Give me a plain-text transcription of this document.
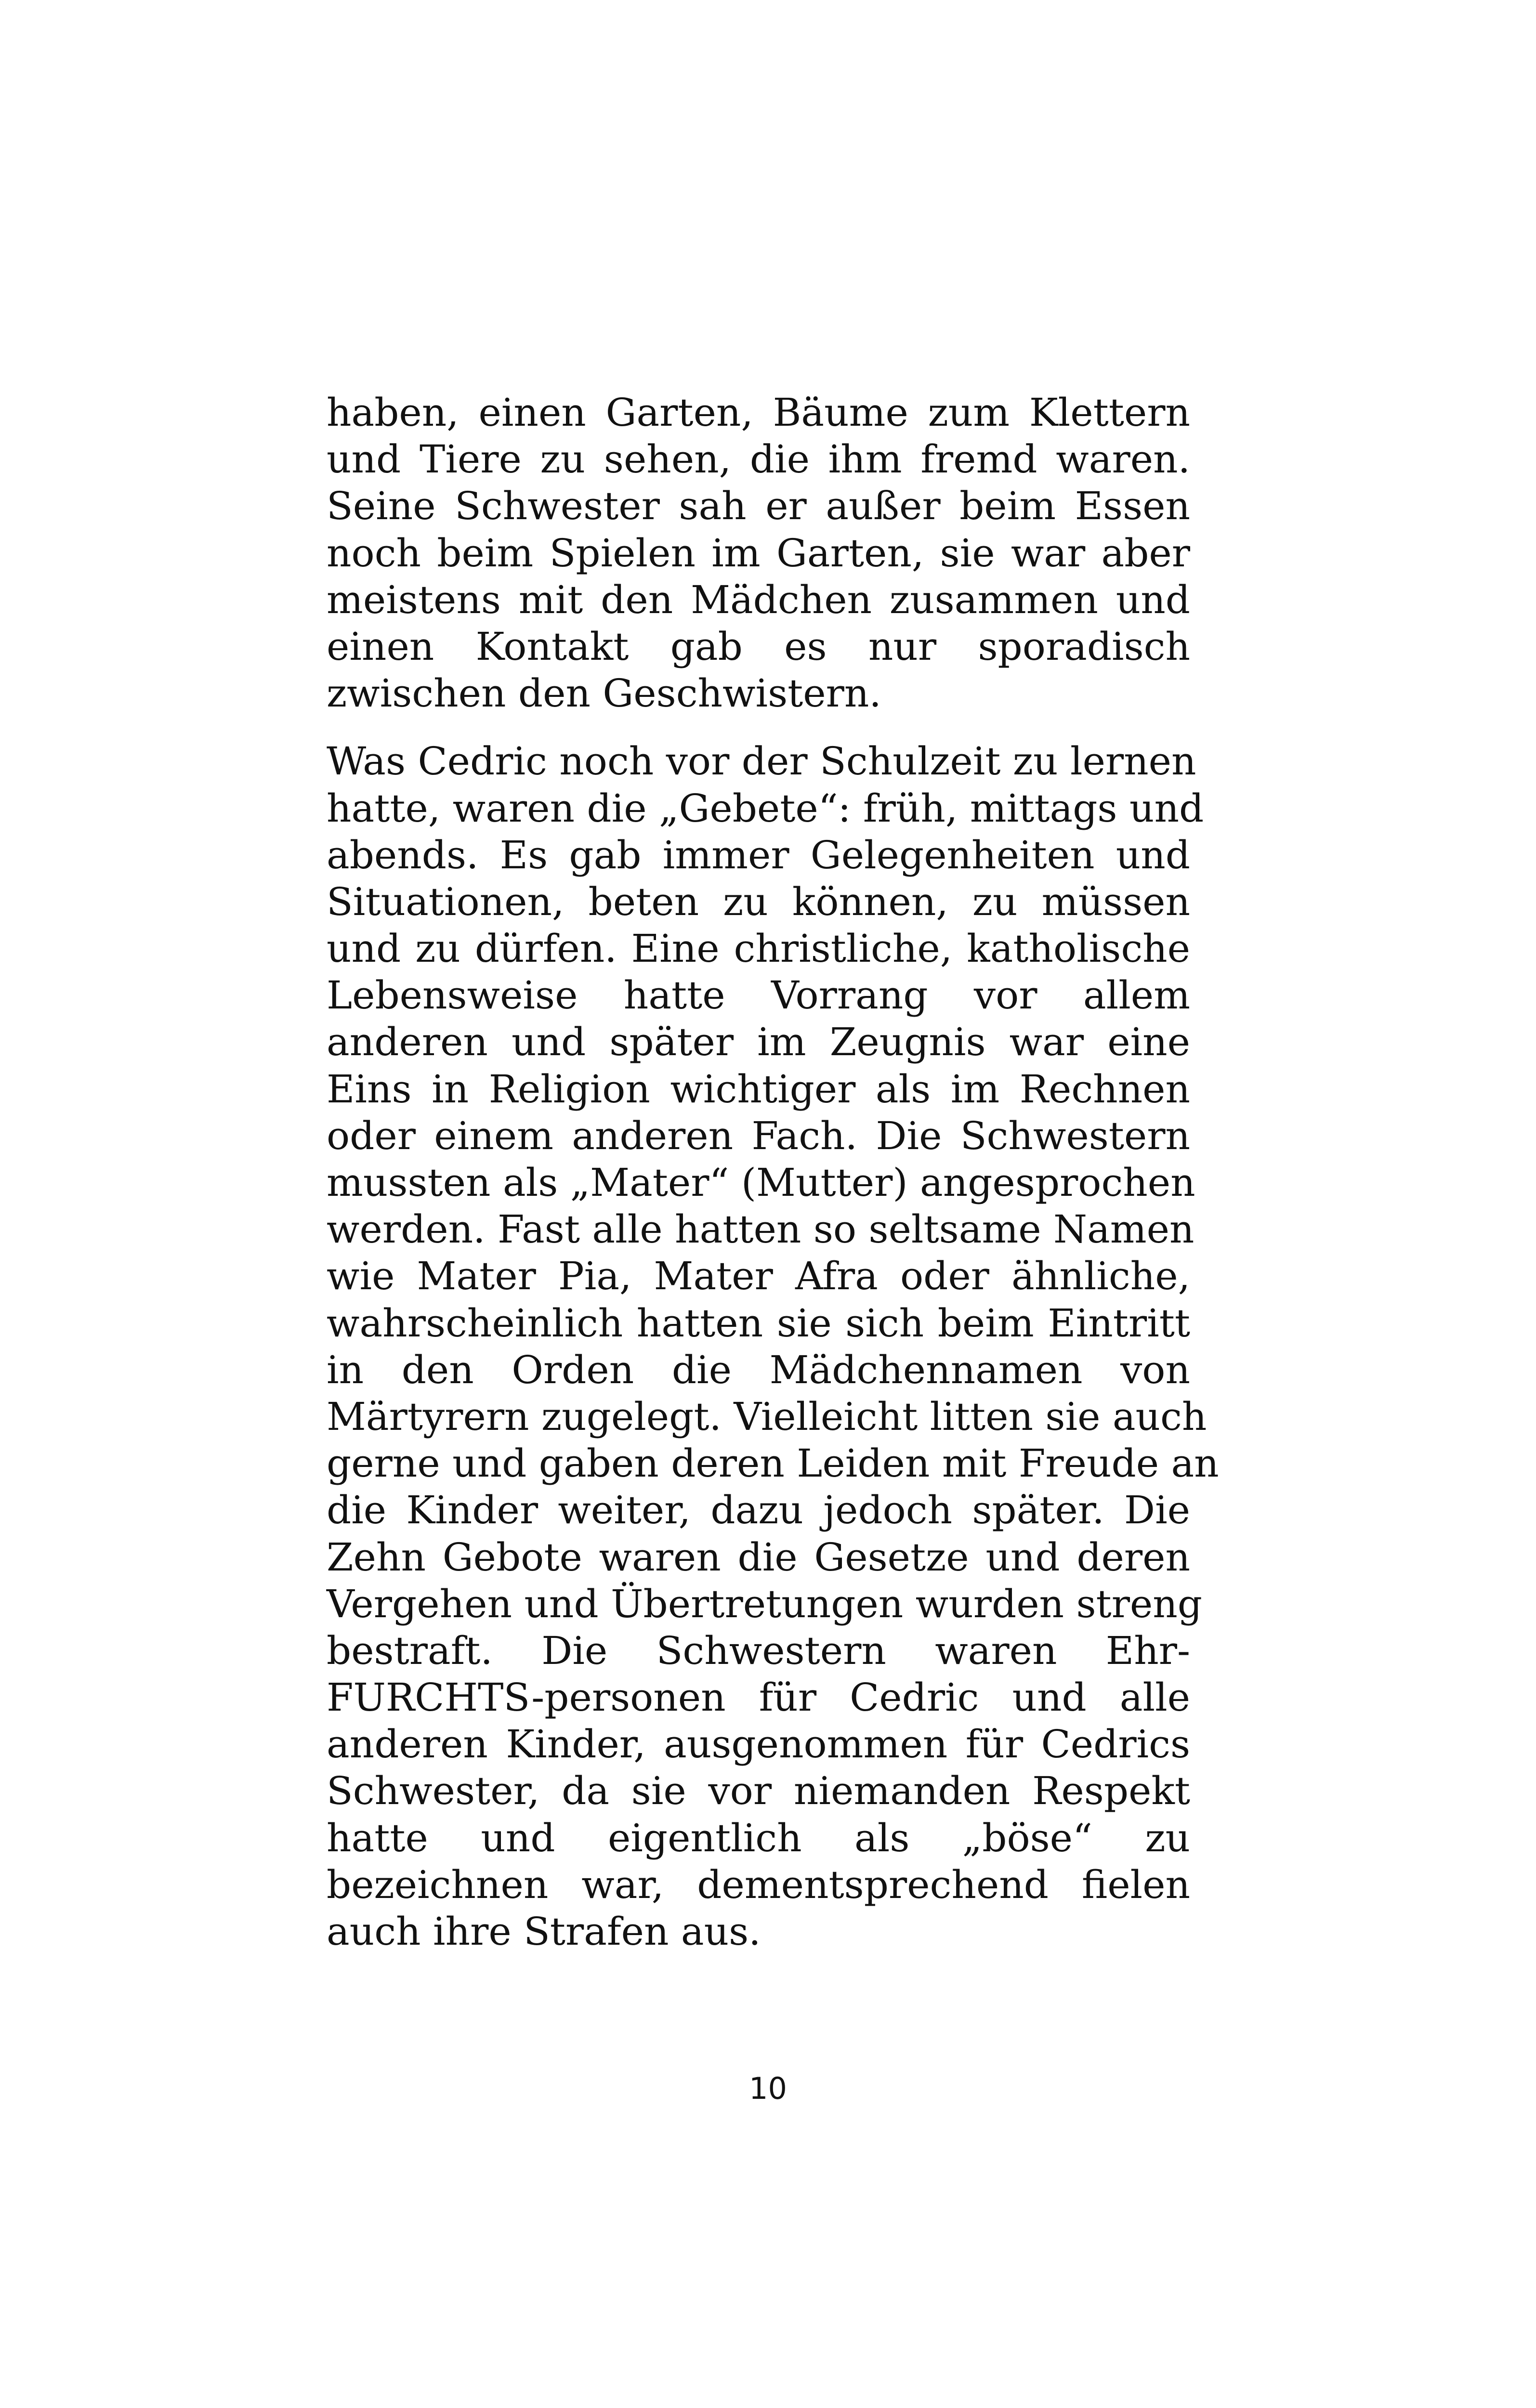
haben, einen Garten, Bäume zum Klettern
und Tiere zu sehen, die ihm fremd waren.
Seine Schwester sah er außer beim Essen
noch beim Spielen im Garten, sie war aber
meistens mit den Mädchen zusammen und
einen Kontakt gab es nur sporadisch
zwischen den Geschwistern.
Was Cedric noch vor der Schulzeit zu lernen
hatte, waren die „Gebete“: früh, mittags und
abends. Es gab immer Gelegenheiten und
Situationen, beten zu können, zu müssen
und zu dürfen. Eine christliche, katholische
Lebensweise hatte Vorrang vor allem
anderen und später im Zeugnis war eine
Eins in Religion wichtiger als im Rechnen
oder einem anderen Fach. Die Schwestern
mussten als „Mater“ (Mutter) angesprochen
werden. Fast alle hatten so seltsame Namen
wie Mater Pia, Mater Afra oder ähnliche,
wahrscheinlich hatten sie sich beim Eintritt
in den Orden die Mädchennamen von
Märtyrern zugelegt. Vielleicht litten sie auch
gerne und gaben deren Leiden mit Freude an
die Kinder weiter, dazu jedoch später. Die
Zehn Gebote waren die Gesetze und deren
Vergehen und Übertretungen wurden streng
bestraft. Die Schwestern waren Ehr-
FURCHTS-personen für Cedric und alle
anderen Kinder, ausgenommen für Cedrics
Schwester, da sie vor niemanden Respekt
hatte und eigentlich als „böse“ zu
bezeichnen war, dementsprechend fielen
auch ihre Strafen aus.
10
